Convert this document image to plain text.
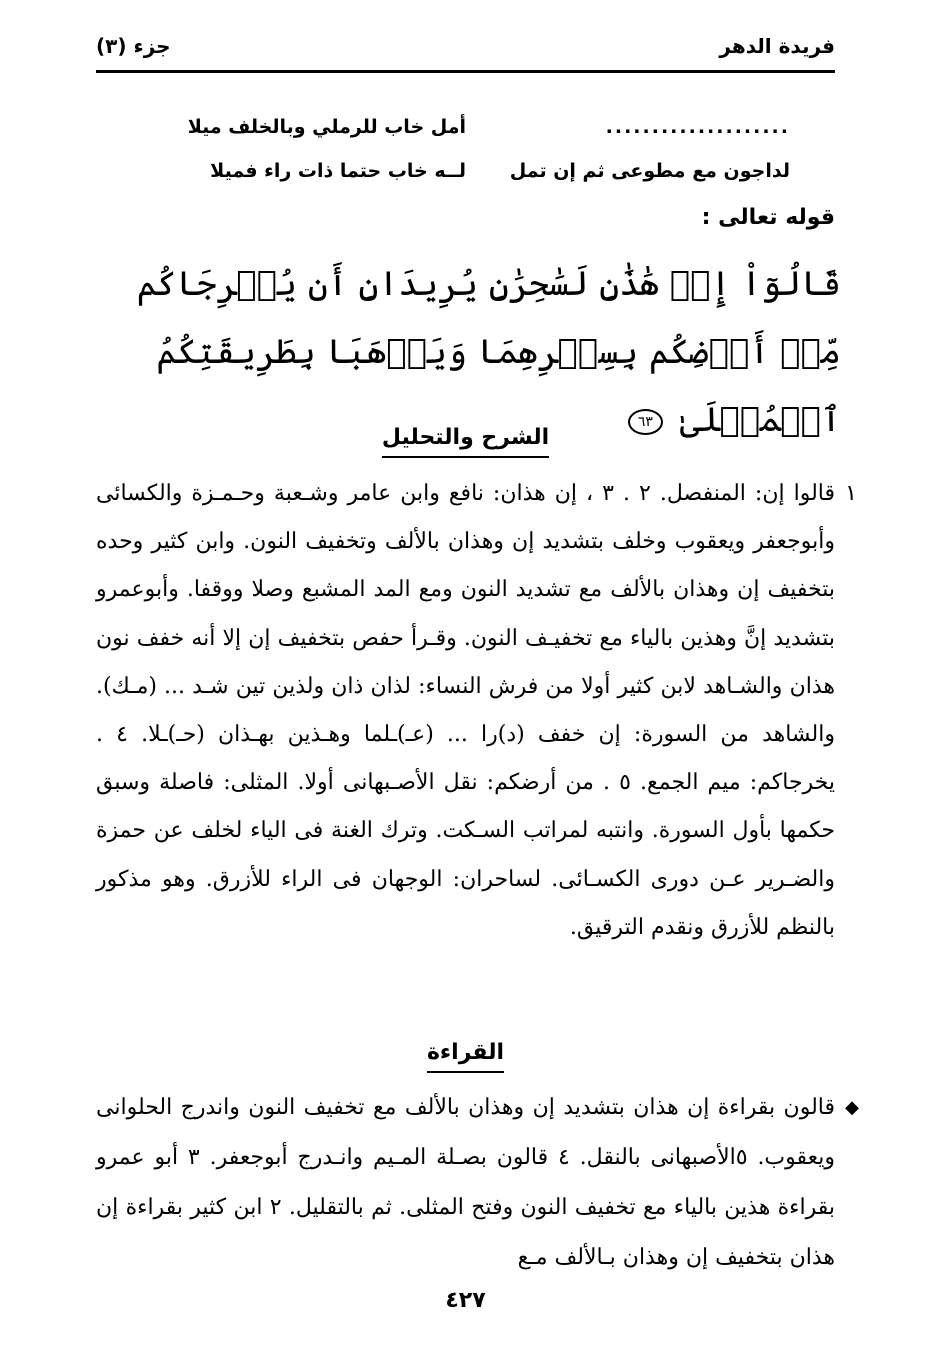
فريدة الدهر
جزء (٣)
....................
أمل خاب للرملي وبالخلف ميلا
لداجون مع مطوعى ثم إن تمل
لــه خاب حتما ذات راء فميلا
قوله تعالى :
قَالُوٓاْ إِنۡ هَٰذَٰنِ لَسَٰحِرَٰنِ يُرِيدَانِ أَن يُخۡرِجَاكُم مِّنۡ أَرۡضِكُم بِسِحۡرِهِمَا وَيَذۡهَبَا بِطَرِيقَتِكُمُ ٱلۡمُثۡلَىٰ ٦٣
الشرح والتحليل
١
قالوا إن: المنفصل. ٢ . ٣ ، إن هذان: نافع وابن عامر وشـعبة وحـمـزة والكسائى وأبوجعفر ويعقوب وخلف بتشديد إن وهذان بالألف وتخفيف النون. وابن كثير وحده بتخفيف إن وهذان بالألف مع تشديد النون ومع المد المشبع وصلا ووقفا. وأبوعمرو بتشديد إنَّ وهذين بالياء مع تخفيـف النون. وقـرأ حفص بتخفيف إن إلا أنه خفف نون هذان والشـاهد لابن كثير أولا من فرش النساء: لذان ذان ولذين تين شـد ... (مـك). والشاهد من السورة: إن خفف (د)را ... (عـ)ـلما وهـذين بهـذان (حـ)ـلا. ٤ . يخرجاكم: ميم الجمع. ٥ . من أرضكم: نقل الأصـبهانى أولا. المثلى: فاصلة وسبق حكمها بأول السورة. وانتبه لمراتب السـكت. وترك الغنة فى الياء لخلف عن حمزة والضـرير عـن دورى الكسـائى. لساحران: الوجهان فى الراء للأزرق. وهو مذكور بالنظم للأزرق ونقدم الترقيق.
القراءة
◆
قالون بقراءة إن هذان بتشديد إن وهذان بالألف مع تخفيف النون واندرج الحلوانى ويعقوب. ٥الأصبهانى بالنقل. ٤ قالون بصـلة المـيم وانـدرج أبوجعفر. ٣ أبو عمرو بقراءة هذين بالياء مع تخفيف النون وفتح المثلى. ثم بالتقليل. ٢ ابن كثير بقراءة إن هذان بتخفيف إن وهذان بـالألف مـع
٤٢٧
